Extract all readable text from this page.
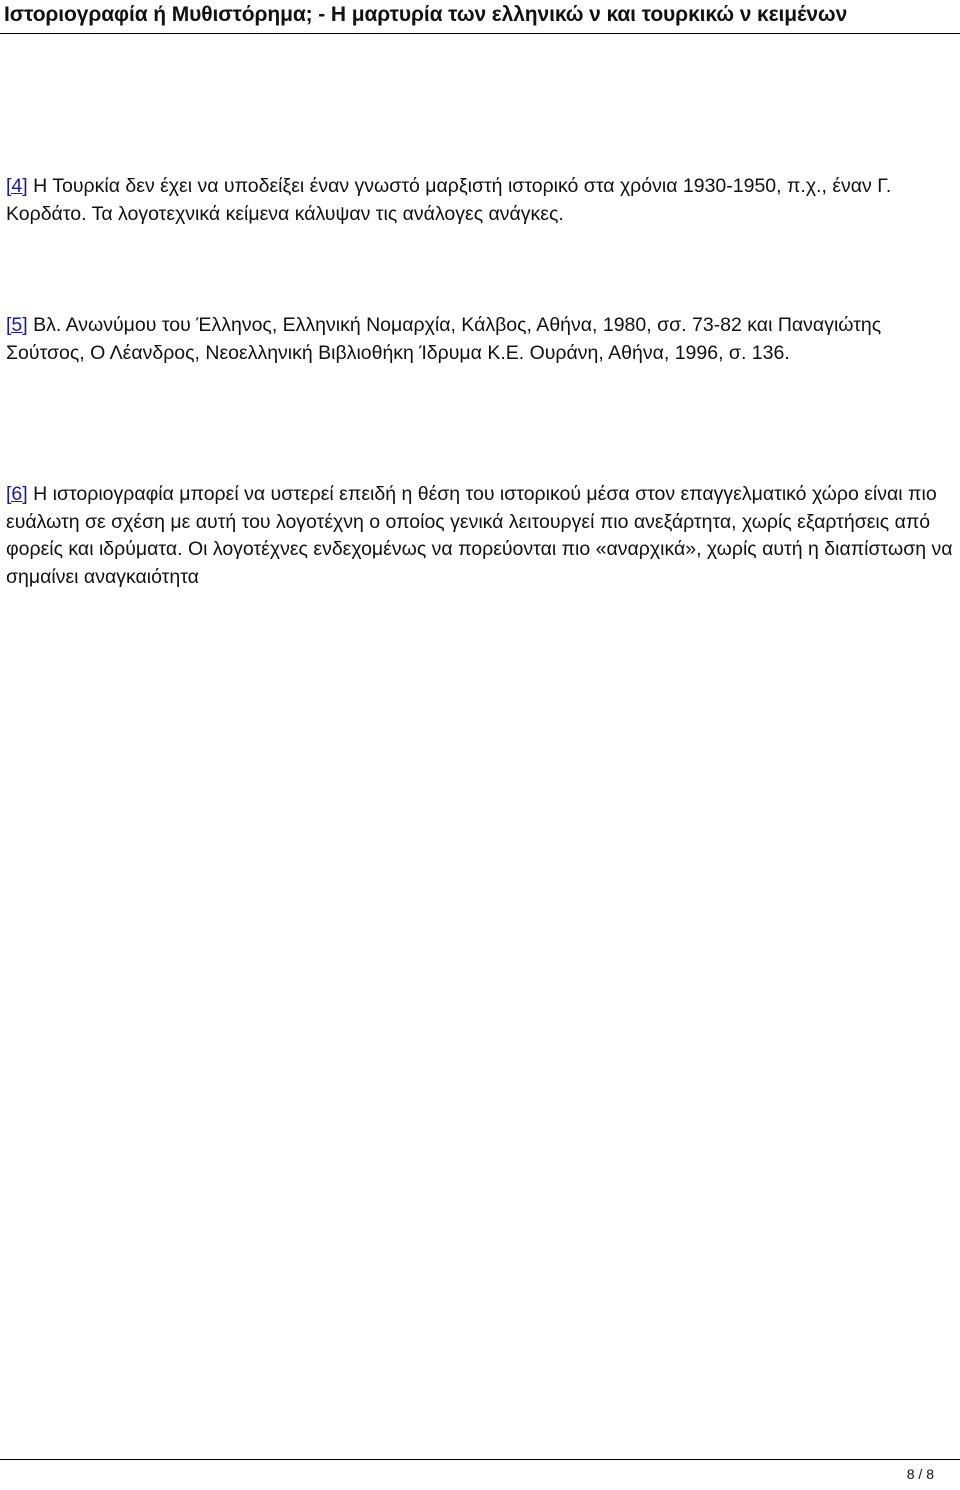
Ιστοριογραφία ή Μυθιστόρημα; - Η μαρτυρία των ελληνικώ ν και τουρκικώ ν κειμένων
[4] Η Τουρκία δεν έχει να υποδείξει έναν γνωστό μαρξιστή ιστορικό στα χρόνια 1930-1950, π.χ., έναν Γ. Κορδάτο. Τα λογοτεχνικά κείμενα κάλυψαν τις ανάλογες ανάγκες.
[5] Βλ. Ανωνύμου του Έλληνος, Ελληνική Νομαρχία, Κάλβος, Αθήνα, 1980, σσ. 73-82 και Παναγιώτης Σούτσος, Ο Λέανδρος, Νεοελληνική Βιβλιοθήκη Ίδρυμα Κ.Ε. Ουράνη, Αθήνα, 1996, σ. 136.
[6] Η ιστοριογραφία μπορεί να υστερεί επειδή η θέση του ιστορικού μέσα στον επαγγελματικό χώρο είναι πιο ευάλωτη σε σχέση με αυτή του λογοτέχνη ο οποίος γενικά λειτουργεί πιο ανεξάρτητα, χωρίς εξαρτήσεις από φορείς και ιδρύματα. Οι λογοτέχνες ενδεχομένως να πορεύονται πιο «αναρχικά», χωρίς αυτή η διαπίστωση να σημαίνει αναγκαιότητα
8 / 8
